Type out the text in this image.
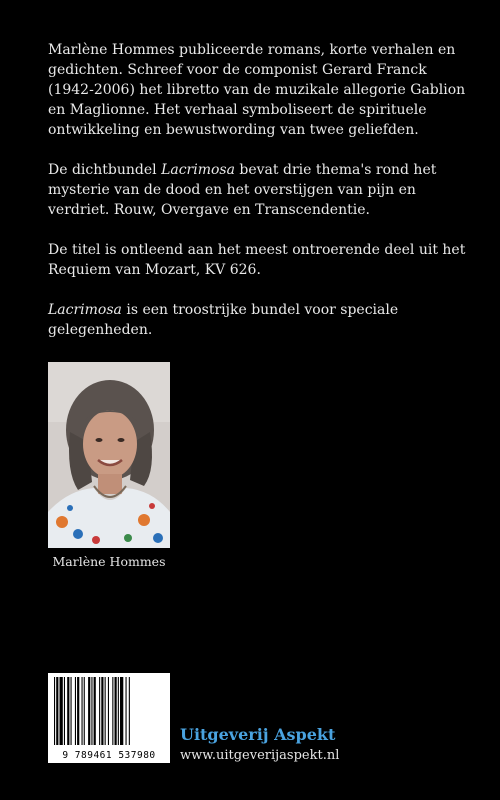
Marlène Hommes publiceerde romans, korte verhalen en gedichten. Schreef voor de componist Gerard Franck (1942-2006) het libretto van de muzikale allegorie Gablion en Maglionne. Het verhaal symboliseert de spirituele ontwikkeling en bewustwording van twee geliefden.

De dichtbundel Lacrimosa bevat drie thema's rond het mysterie van de dood en het overstijgen van pijn en verdriet. Rouw, Overgave en Transcendentie.

De titel is ontleend aan het meest ontroerende deel uit het Requiem van Mozart, KV 626.

Lacrimosa is een troostrijke bundel voor speciale gelegenheden.

Marlène Hommes
9 789461 537980
Uitgeverij Aspekt
www.uitgeverijaspekt.nl
